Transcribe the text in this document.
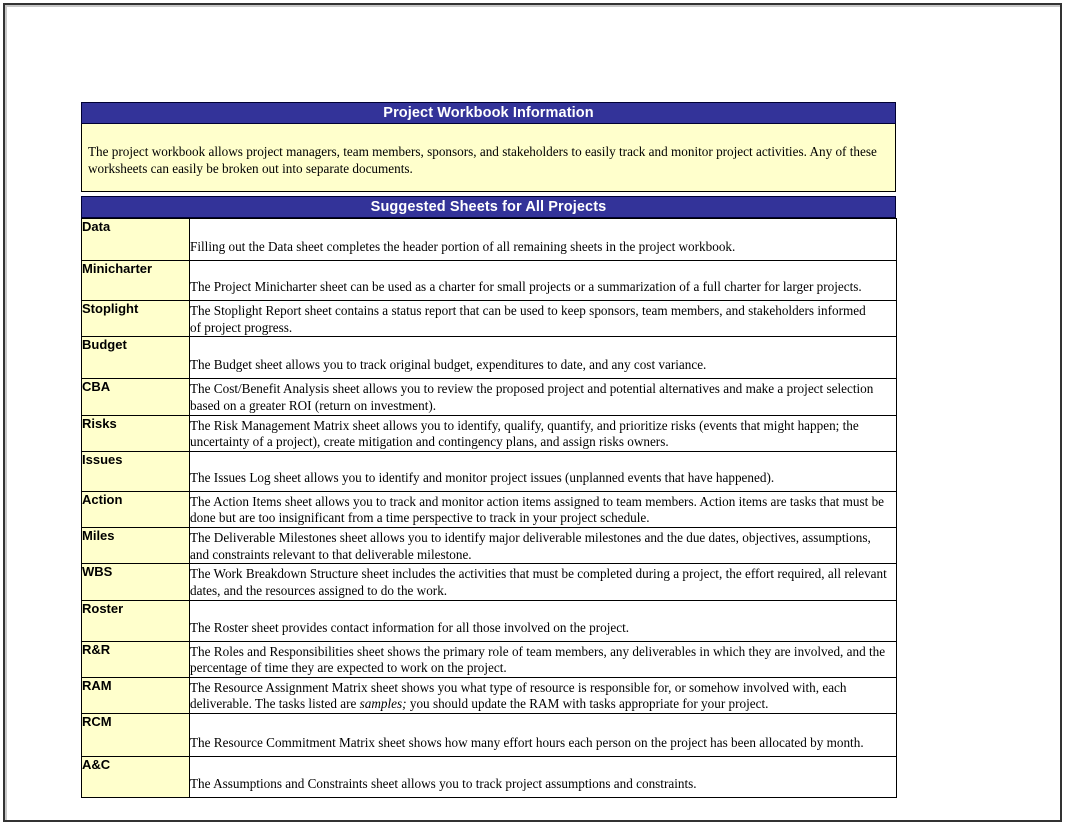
Project Workbook Information
The project workbook allows project managers, team members, sponsors, and stakeholders to easily track and monitor project activities. Any of these worksheets can easily be broken out into separate documents.
Suggested Sheets for All Projects
Data	Filling out the Data sheet completes the header portion of all remaining sheets in the project workbook.

Minicharter	The Project Minicharter sheet can be used as a charter for small projects or a summarization of a full charter for larger projects.

Stoplight	The Stoplight Report sheet contains a status report that can be used to keep sponsors, team members, and stakeholders informed
of project progress.

Budget	The Budget sheet allows you to track original budget, expenditures to date, and any cost variance.

CBA	The Cost/Benefit Analysis sheet allows you to review the proposed project and potential alternatives and make a project selection
based on a greater ROI (return on investment).

Risks	The Risk Management Matrix sheet allows you to identify, qualify, quantify, and prioritize risks (events that might happen; the
uncertainty of a project), create mitigation and contingency plans, and assign risks owners.

Issues	The Issues Log sheet allows you to identify and monitor project issues (unplanned events that have happened).

Action	The Action Items sheet allows you to track and monitor action items assigned to team members. Action items are tasks that must be
done but are too insignificant from a time perspective to track in your project schedule.

Miles	The Deliverable Milestones sheet allows you to identify major deliverable milestones and the due dates, objectives, assumptions,
and constraints relevant to that deliverable milestone.

WBS	The Work Breakdown Structure sheet includes the activities that must be completed during a project, the effort required, all relevant
dates, and the resources assigned to do the work.

Roster	The Roster sheet provides contact information for all those involved on the project.

R&R	The Roles and Responsibilities sheet shows the primary role of team members, any deliverables in which they are involved, and the
percentage of time they are expected to work on the project.

RAM	The Resource Assignment Matrix sheet shows you what type of resource is responsible for, or somehow involved with, each
deliverable. The tasks listed are samples; you should update the RAM with tasks appropriate for your project.

RCM	The Resource Commitment Matrix sheet shows how many effort hours each person on the project has been allocated by month.

A&C	The Assumptions and Constraints sheet allows you to track project assumptions and constraints.
